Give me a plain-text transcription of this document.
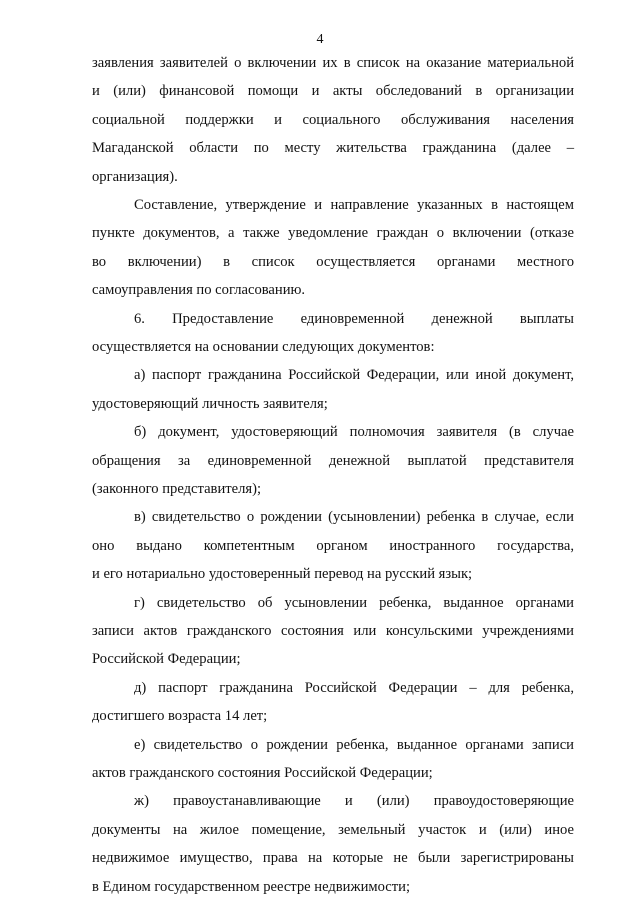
4
заявления заявителей о включении их в список на оказание материальной
и (или) финансовой помощи и акты обследований в организации
социальной поддержки и социального обслуживания населения
Магаданской области по месту жительства гражданина (далее –
организация).
Составление, утверждение и направление указанных в настоящем
пункте документов, а также уведомление граждан о включении (отказе
во включении) в список осуществляется органами местного
самоуправления по согласованию.
6. Предоставление единовременной денежной выплаты
осуществляется на основании следующих документов:
а) паспорт гражданина Российской Федерации, или иной документ,
удостоверяющий личность заявителя;
б) документ, удостоверяющий полномочия заявителя (в случае
обращения за единовременной денежной выплатой представителя
(законного представителя);
в) свидетельство о рождении (усыновлении) ребенка в случае, если
оно выдано компетентным органом иностранного государства,
и его нотариально удостоверенный перевод на русский язык;
г) свидетельство об усыновлении ребенка, выданное органами
записи актов гражданского состояния или консульскими учреждениями
Российской Федерации;
д) паспорт гражданина Российской Федерации – для ребенка,
достигшего возраста 14 лет;
е) свидетельство о рождении ребенка, выданное органами записи
актов гражданского состояния Российской Федерации;
ж) правоустанавливающие и (или) правоудостоверяющие
документы на жилое помещение, земельный участок и (или) иное
недвижимое имущество, права на которые не были зарегистрированы
в Едином государственном реестре недвижимости;
